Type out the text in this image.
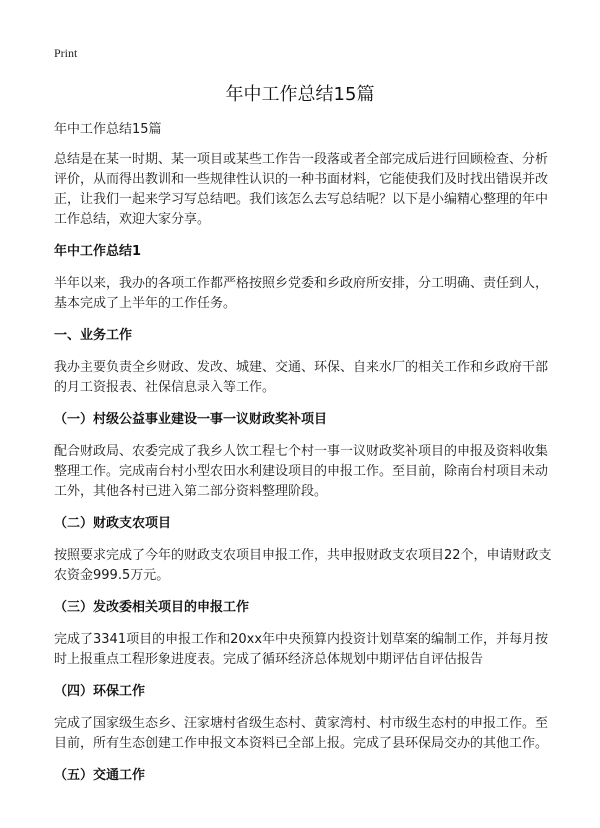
Print
年中工作总结15篇

年中工作总结15篇

总结是在某一时期、某一项目或某些工作告一段落或者全部完成后进行回顾检查、分析评价，从而得出教训和一些规律性认识的一种书面材料，它能使我们及时找出错误并改正，让我们一起来学习写总结吧。我们该怎么去写总结呢？以下是小编精心整理的年中工作总结，欢迎大家分享。

年中工作总结1

半年以来，我办的各项工作都严格按照乡党委和乡政府所安排，分工明确、责任到人，基本完成了上半年的工作任务。

一、业务工作

我办主要负责全乡财政、发改、城建、交通、环保、自来水厂的相关工作和乡政府干部的月工资报表、社保信息录入等工作。

（一）村级公益事业建设一事一议财政奖补项目

配合财政局、农委完成了我乡人饮工程七个村一事一议财政奖补项目的申报及资料收集整理工作。完成南台村小型农田水利建设项目的申报工作。至目前，除南台村项目未动工外，其他各村已进入第二部分资料整理阶段。

（二）财政支农项目

按照要求完成了今年的财政支农项目申报工作，共申报财政支农项目22个，申请财政支农资金999.5万元。

（三）发改委相关项目的申报工作

完成了3341项目的申报工作和20xx年中央预算内投资计划草案的编制工作，并每月按时上报重点工程形象进度表。完成了循环经济总体规划中期评估自评估报告

（四）环保工作

完成了国家级生态乡、汪家塘村省级生态村、黄家湾村、村市级生态村的申报工作。至目前，所有生态创建工作申报文本资料已全部上报。完成了县环保局交办的其他工作。

（五）交通工作
